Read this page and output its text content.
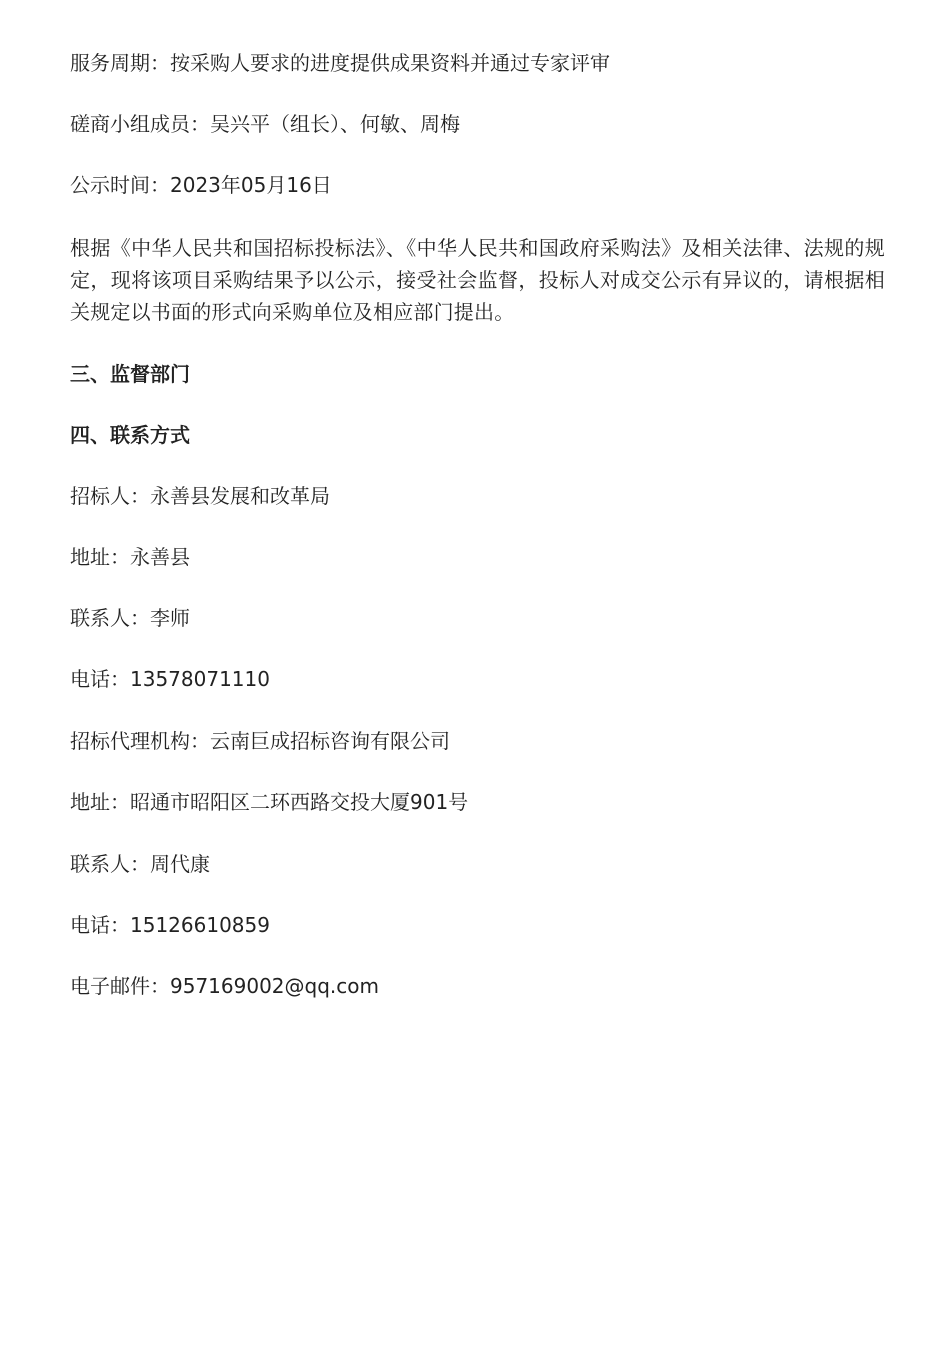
服务周期：按采购人要求的进度提供成果资料并通过专家评审

磋商小组成员：吴兴平（组长）、何敏、周梅

公示时间：2023年05月16日

根据《中华人民共和国招标投标法》、《中华人民共和国政府采购法》及相关法律、法规的规定，现将该项目采购结果予以公示，接受社会监督，投标人对成交公示有异议的，请根据相关规定以书面的形式向采购单位及相应部门提出。

三、监督部门

四、联系方式

招标人：永善县发展和改革局

地址：永善县

联系人：李师

电话：13578071110

招标代理机构：云南巨成招标咨询有限公司

地址：昭通市昭阳区二环西路交投大厦901号

联系人：周代康

电话：15126610859

电子邮件：957169002@qq.com
